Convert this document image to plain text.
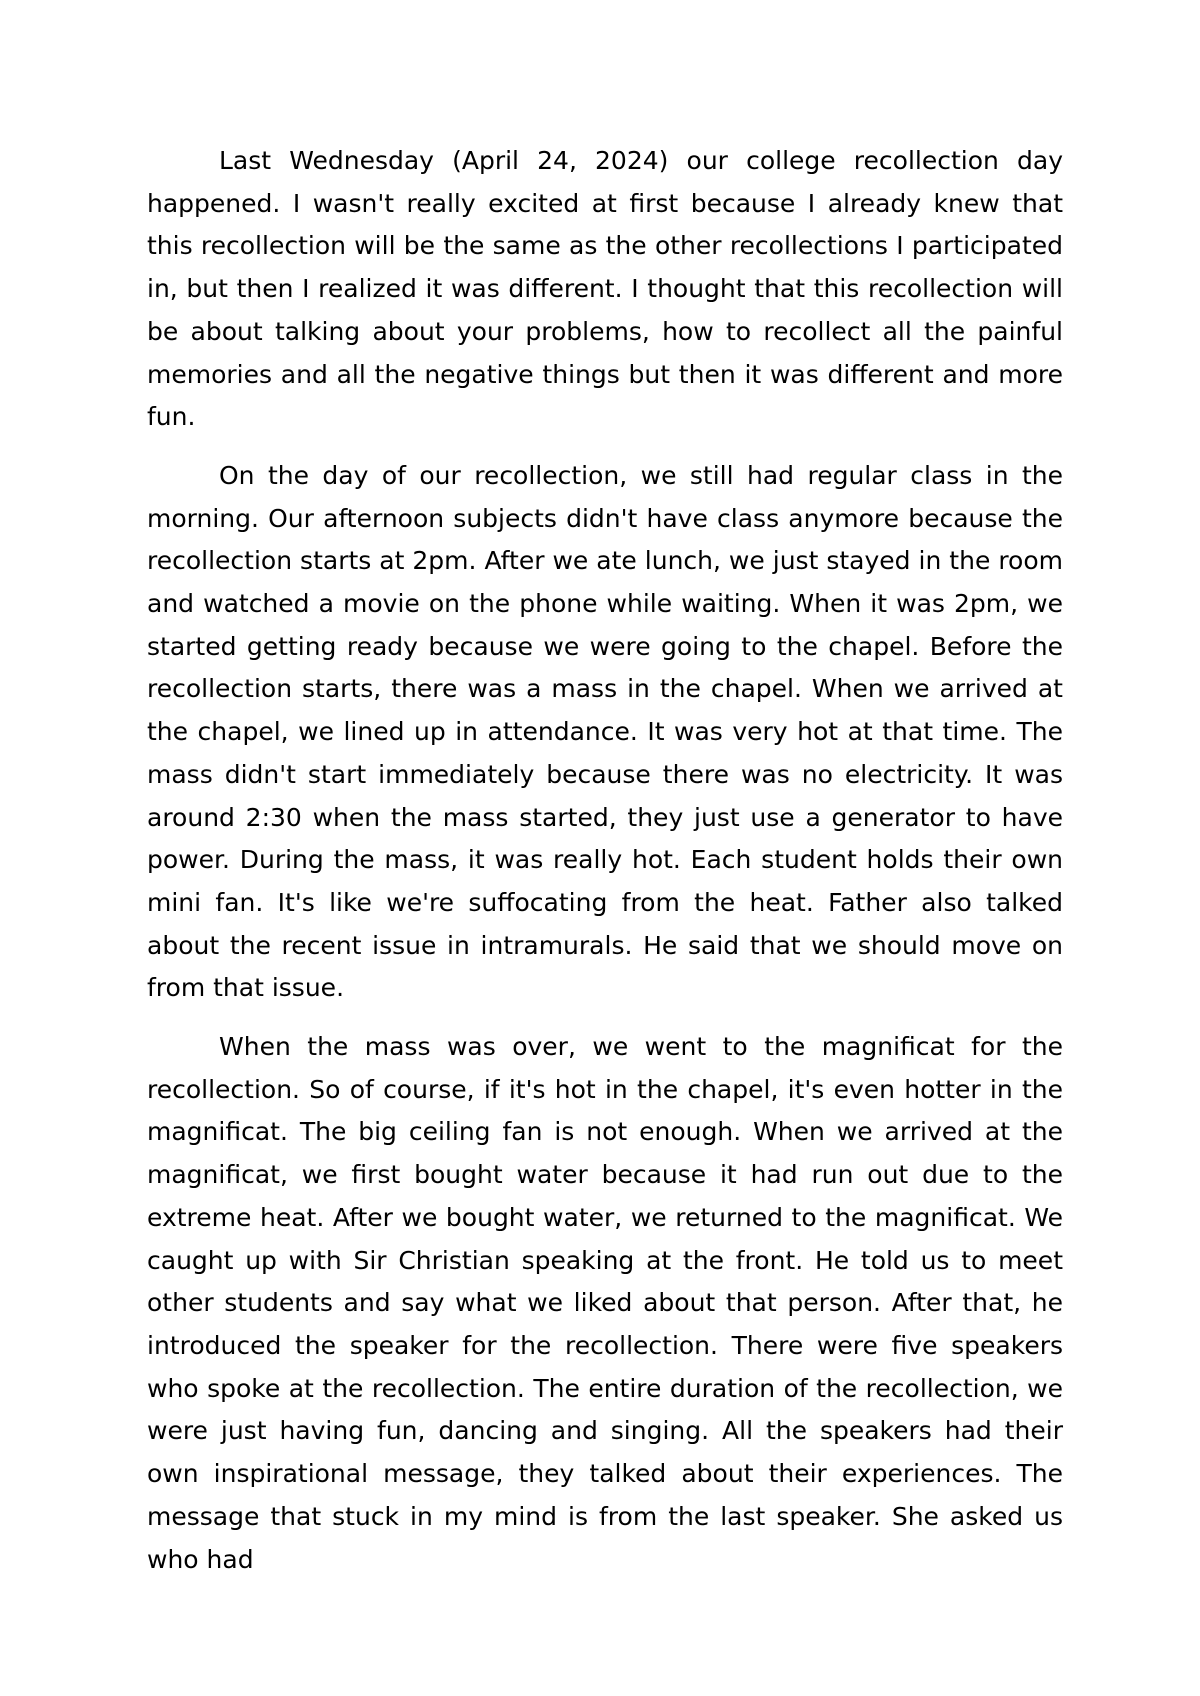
Last Wednesday (April 24, 2024) our college recollection day happened. I wasn't really excited at first because I already knew that this recollection will be the same as the other recollections I participated in, but then I realized it was different. I thought that this recollection will be about talking about your problems, how to recollect all the painful memories and all the negative things but then it was different and more fun.

On the day of our recollection, we still had regular class in the morning. Our afternoon subjects didn't have class anymore because the recollection starts at 2pm. After we ate lunch, we just stayed in the room and watched a movie on the phone while waiting. When it was 2pm, we started getting ready because we were going to the chapel. Before the recollection starts, there was a mass in the chapel. When we arrived at the chapel, we lined up in attendance. It was very hot at that time. The mass didn't start immediately because there was no electricity. It was around 2:30 when the mass started, they just use a generator to have power. During the mass, it was really hot. Each student holds their own mini fan. It's like we're suffocating from the heat. Father also talked about the recent issue in intramurals. He said that we should move on from that issue.

When the mass was over, we went to the magnificat for the recollection. So of course, if it's hot in the chapel, it's even hotter in the magnificat. The big ceiling fan is not enough. When we arrived at the magnificat, we first bought water because it had run out due to the extreme heat. After we bought water, we returned to the magnificat. We caught up with Sir Christian speaking at the front. He told us to meet other students and say what we liked about that person. After that, he introduced the speaker for the recollection. There were five speakers who spoke at the recollection. The entire duration of the recollection, we were just having fun, dancing and singing. All the speakers had their own inspirational message, they talked about their experiences. The message that stuck in my mind is from the last speaker. She asked us who had
